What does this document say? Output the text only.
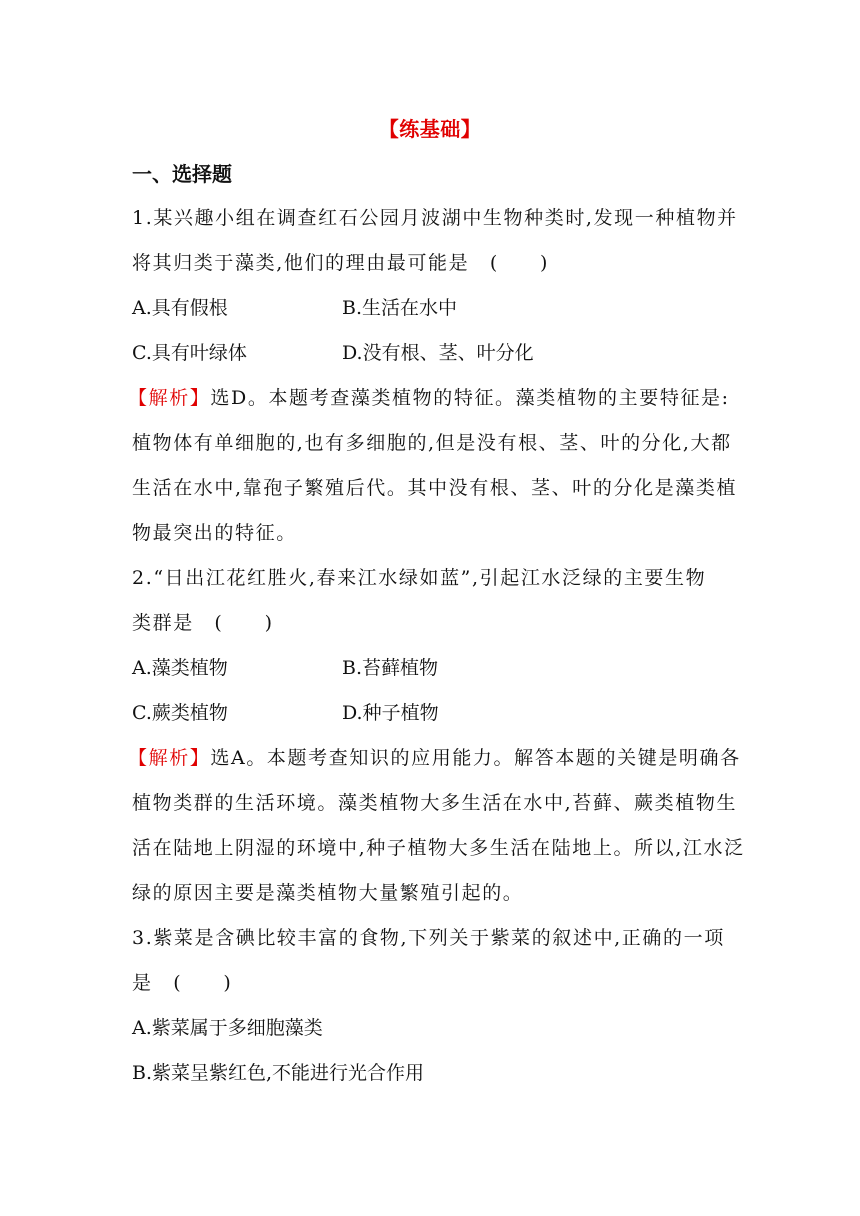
【练基础】
一、选择题
1.某兴趣小组在调查红石公园月波湖中生物种类时,发现一种植物并
将其归类于藻类,他们的理由最可能是　(　　)
A.具有假根	B.生活在水中
C.具有叶绿体	D.没有根、茎、叶分化
【解析】选D。本题考查藻类植物的特征。藻类植物的主要特征是:
植物体有单细胞的,也有多细胞的,但是没有根、茎、叶的分化,大都
生活在水中,靠孢子繁殖后代。其中没有根、茎、叶的分化是藻类植
物最突出的特征。
2.“日出江花红胜火,春来江水绿如蓝”,引起江水泛绿的主要生物
类群是　(　　)
A.藻类植物	B.苔藓植物
C.蕨类植物	D.种子植物
【解析】选A。本题考查知识的应用能力。解答本题的关键是明确各
植物类群的生活环境。藻类植物大多生活在水中,苔藓、蕨类植物生
活在陆地上阴湿的环境中,种子植物大多生活在陆地上。所以,江水泛
绿的原因主要是藻类植物大量繁殖引起的。
3.紫菜是含碘比较丰富的食物,下列关于紫菜的叙述中,正确的一项
是　(　　)
A.紫菜属于多细胞藻类
B.紫菜呈紫红色,不能进行光合作用
